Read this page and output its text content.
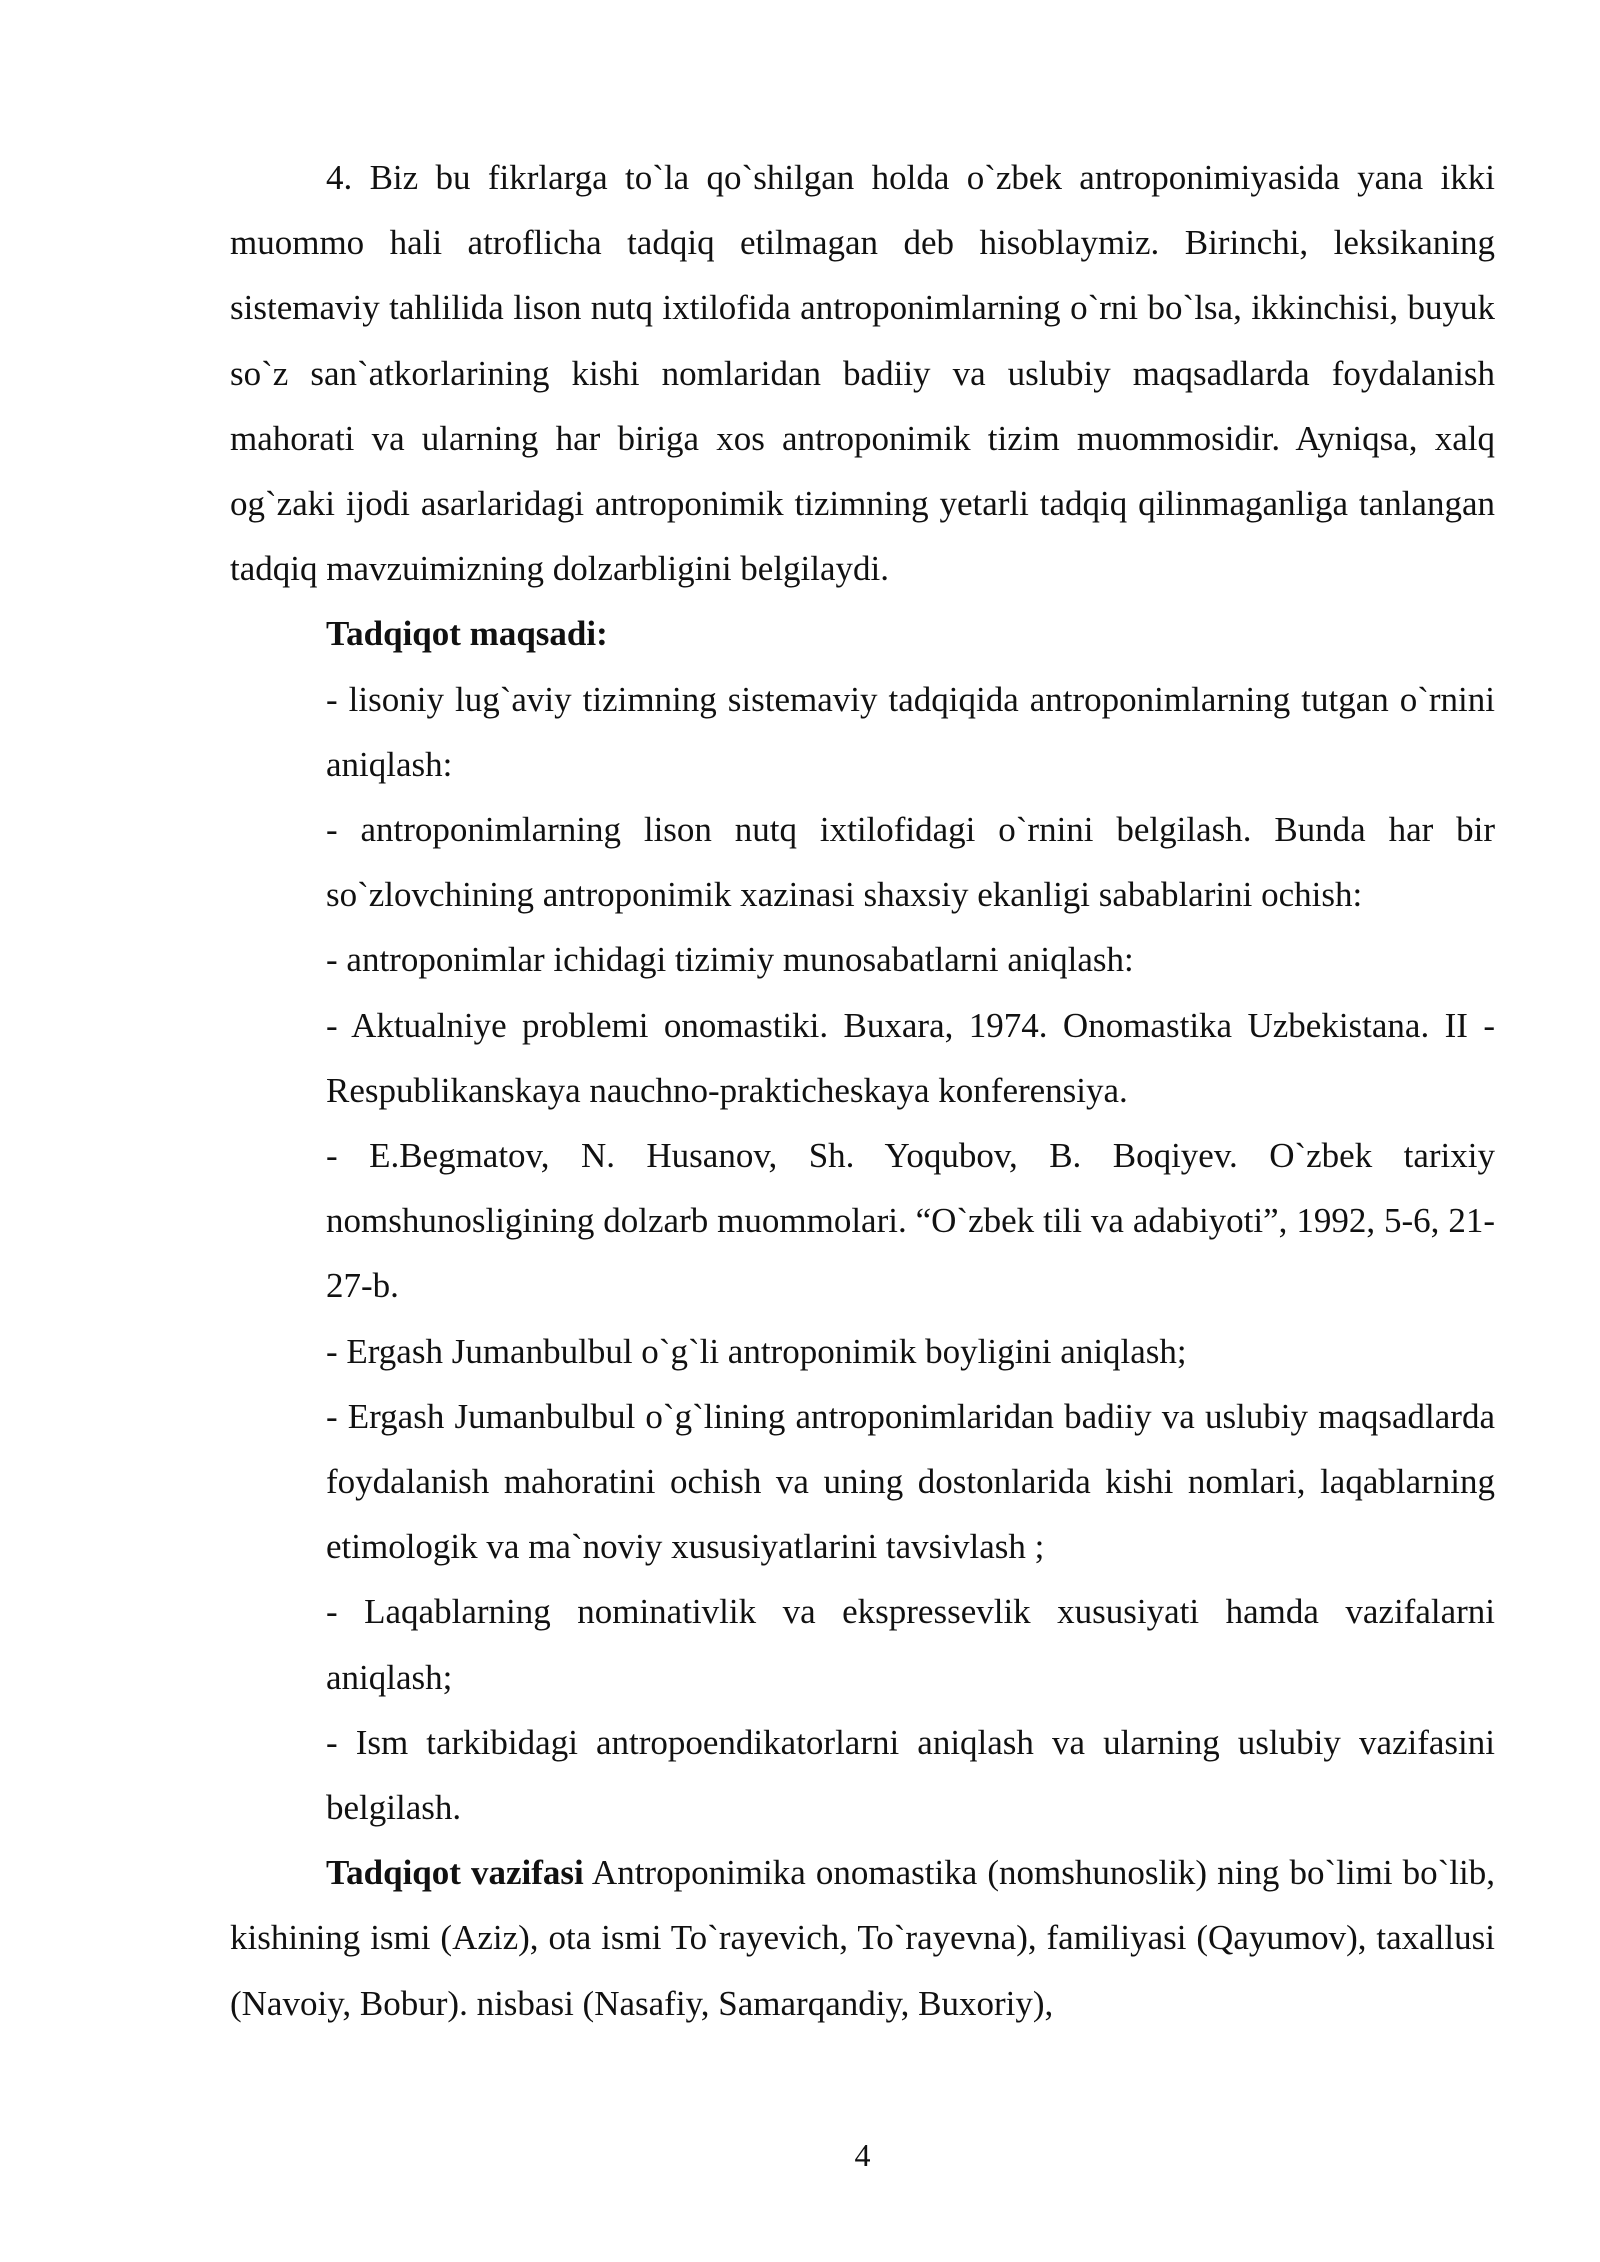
4. Biz bu fikrlarga to`la qo`shilgan holda o`zbek antroponimiyasida yana ikki muommo hali atroflicha tadqiq etilmagan deb hisoblaymiz. Birinchi, leksikaning sistemaviy tahlilida lison nutq ixtilofida antroponimlarning o`rni bo`lsa, ikkinchisi, buyuk so`z san`atkorlarining kishi nomlaridan badiiy va uslubiy maqsadlarda foydalanish mahorati va ularning har biriga xos antroponimik tizim muommosidir. Ayniqsa, xalq og`zaki ijodi asarlaridagi antroponimik tizimning yetarli tadqiq qilinmaganliga tanlangan tadqiq mavzuimizning dolzarbligini belgilaydi.

Tadqiqot maqsadi:

- lisoniy lug`aviy tizimning sistemaviy tadqiqida antroponimlarning tutgan o`rnini aniqlash:

- antroponimlarning lison nutq ixtilofidagi o`rnini belgilash. Bunda har bir so`zlovchining antroponimik xazinasi shaxsiy ekanligi sabablarini ochish:

- antroponimlar ichidagi tizimiy munosabatlarni aniqlash:

- Aktualniye problemi onomastiki. Buxara, 1974. Onomastika Uzbekistana. II - Respublikanskaya nauchno-prakticheskaya konferensiya.

- E.Begmatov, N. Husanov, Sh. Yoqubov, B. Boqiyev. O`zbek tarixiy nomshunosligining dolzarb muommolari. “O`zbek tili va adabiyoti”, 1992, 5-6, 21-27-b.

- Ergash Jumanbulbul o`g`li antroponimik boyligini aniqlash;

- Ergash Jumanbulbul o`g`lining antroponimlaridan badiiy va uslubiy maqsadlarda foydalanish mahoratini ochish va uning dostonlarida kishi nomlari, laqablarning etimologik va ma`noviy xususiyatlarini tavsivlash ;

- Laqablarning nominativlik va ekspressevlik xususiyati hamda vazifalarni aniqlash;

- Ism tarkibidagi antropoendikatorlarni aniqlash va ularning uslubiy vazifasini belgilash.

Tadqiqot vazifasi Antroponimika onomastika (nomshunoslik) ning bo`limi bo`lib, kishining ismi (Aziz), ota ismi To`rayevich, To`rayevna), familiyasi (Qayumov), taxallusi (Navoiy, Bobur). nisbasi (Nasafiy, Samarqandiy, Buxoriy),

4
